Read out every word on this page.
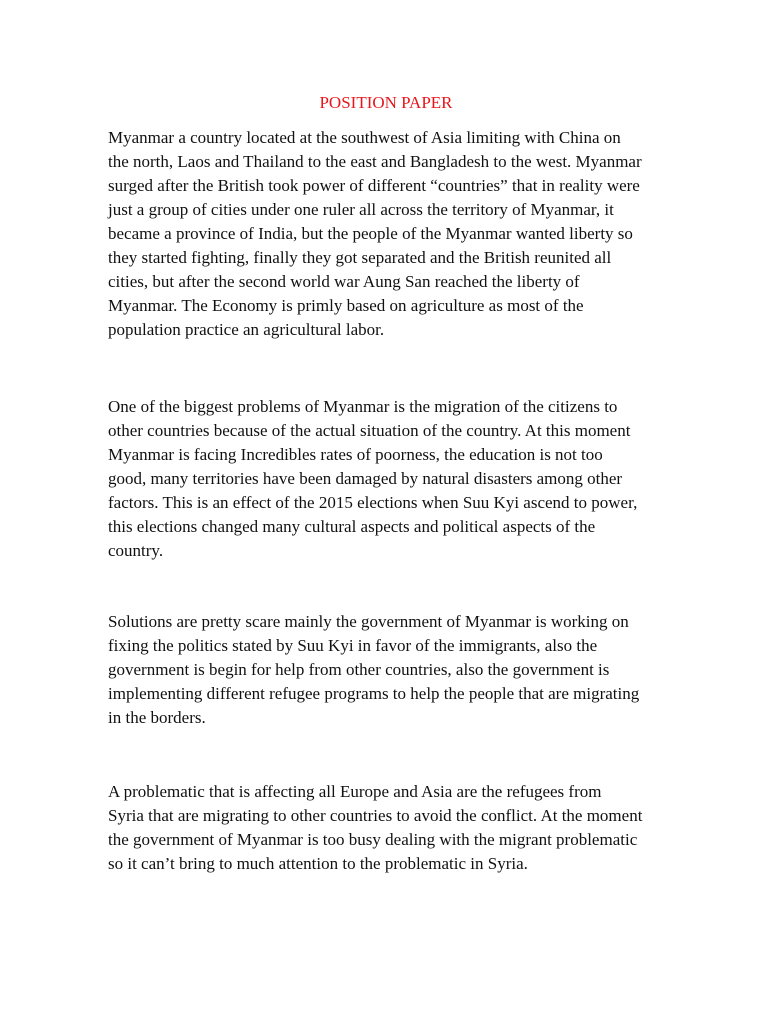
POSITION PAPER

Myanmar a country located at the southwest of Asia limiting with China on
the north, Laos and Thailand to the east and Bangladesh to the west. Myanmar
surged after the British took power of different “countries” that in reality were
just a group of cities under one ruler all across the territory of Myanmar, it
became a province of India, but the people of the Myanmar wanted liberty so
they started fighting, finally they got separated and the British reunited all
cities, but after the second world war Aung San reached the liberty of
Myanmar. The Economy is primly based on agriculture as most of the
population practice an agricultural labor.

One of the biggest problems of Myanmar is the migration of the citizens to
other countries because of the actual situation of the country. At this moment
Myanmar is facing Incredibles rates of poorness, the education is not too
good, many territories have been damaged by natural disasters among other
factors. This is an effect of the 2015 elections when Suu Kyi ascend to power,
this elections changed many cultural aspects and political aspects of the
country.

Solutions are pretty scare mainly the government of Myanmar is working on
fixing the politics stated by Suu Kyi in favor of the immigrants, also the
government is begin for help from other countries, also the government is
implementing different refugee programs to help the people that are migrating
in the borders.

A problematic that is affecting all Europe and Asia are the refugees from
Syria that are migrating to other countries to avoid the conflict. At the moment
the government of Myanmar is too busy dealing with the migrant problematic
so it can’t bring to much attention to the problematic in Syria.
